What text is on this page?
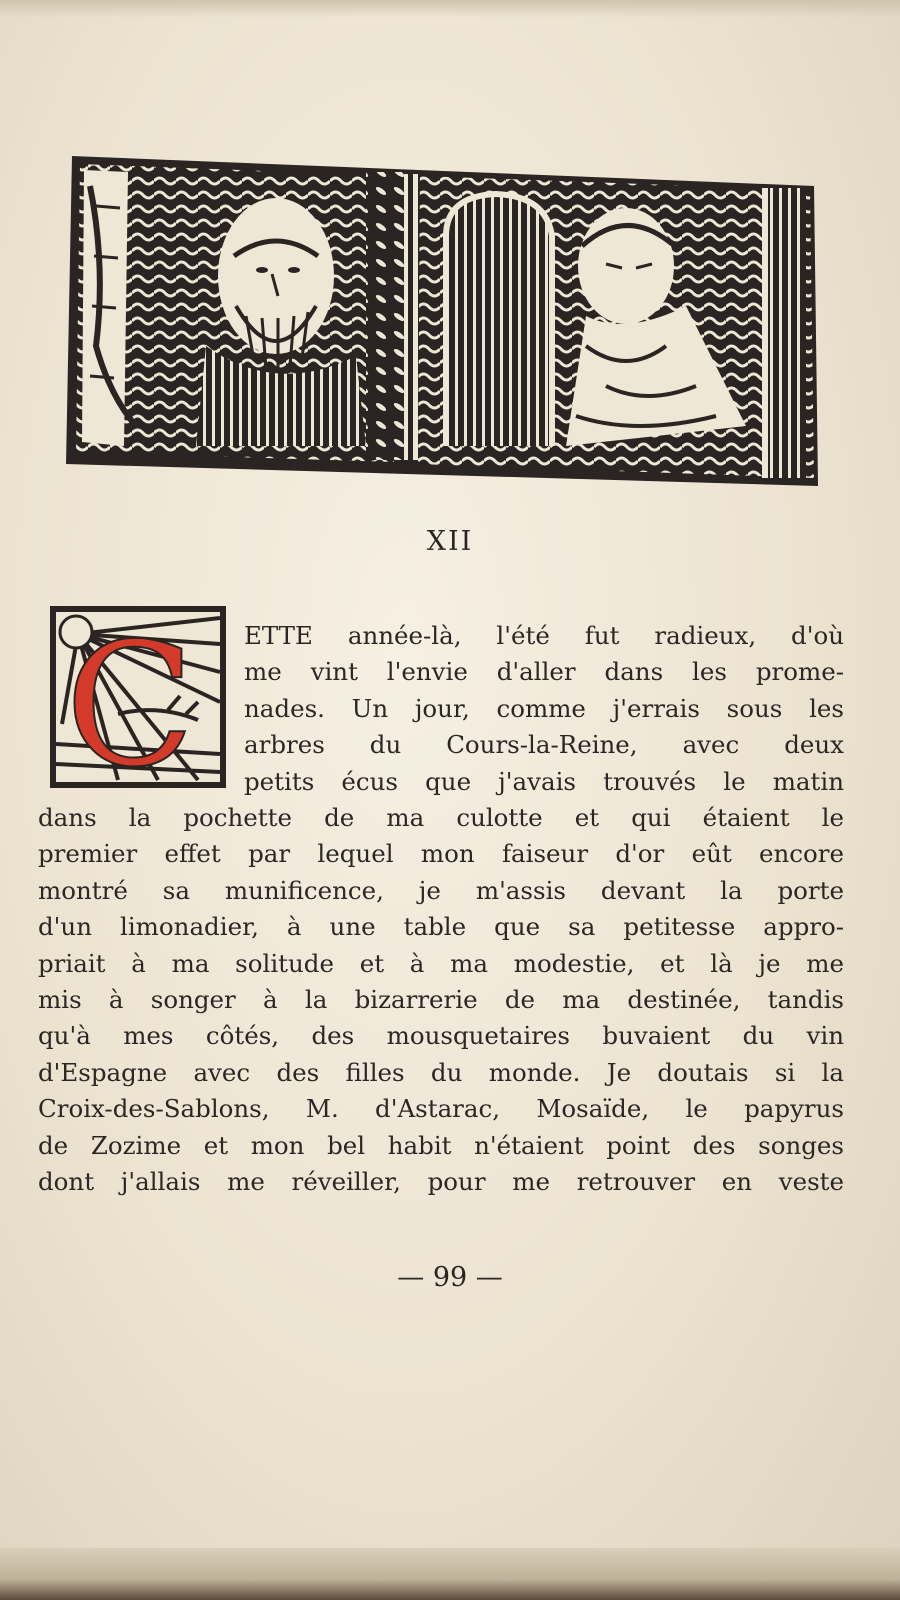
XII
C ETTE année-là, l'été fut radieux, d'où
me vint l'envie d'aller dans les prome-
nades. Un jour, comme j'errais sous les
arbres du Cours-la-Reine, avec deux
petits écus que j'avais trouvés le matin
dans la pochette de ma culotte et qui étaient le
premier effet par lequel mon faiseur d'or eût encore
montré sa munificence, je m'assis devant la porte
d'un limonadier, à une table que sa petitesse appro-
priait à ma solitude et à ma modestie, et là je me
mis à songer à la bizarrerie de ma destinée, tandis
qu'à mes côtés, des mousquetaires buvaient du vin
d'Espagne avec des filles du monde. Je doutais si la
Croix-des-Sablons, M. d'Astarac, Mosaïde, le papyrus
de Zozime et mon bel habit n'étaient point des songes
dont j'allais me réveiller, pour me retrouver en veste
— 99 —
